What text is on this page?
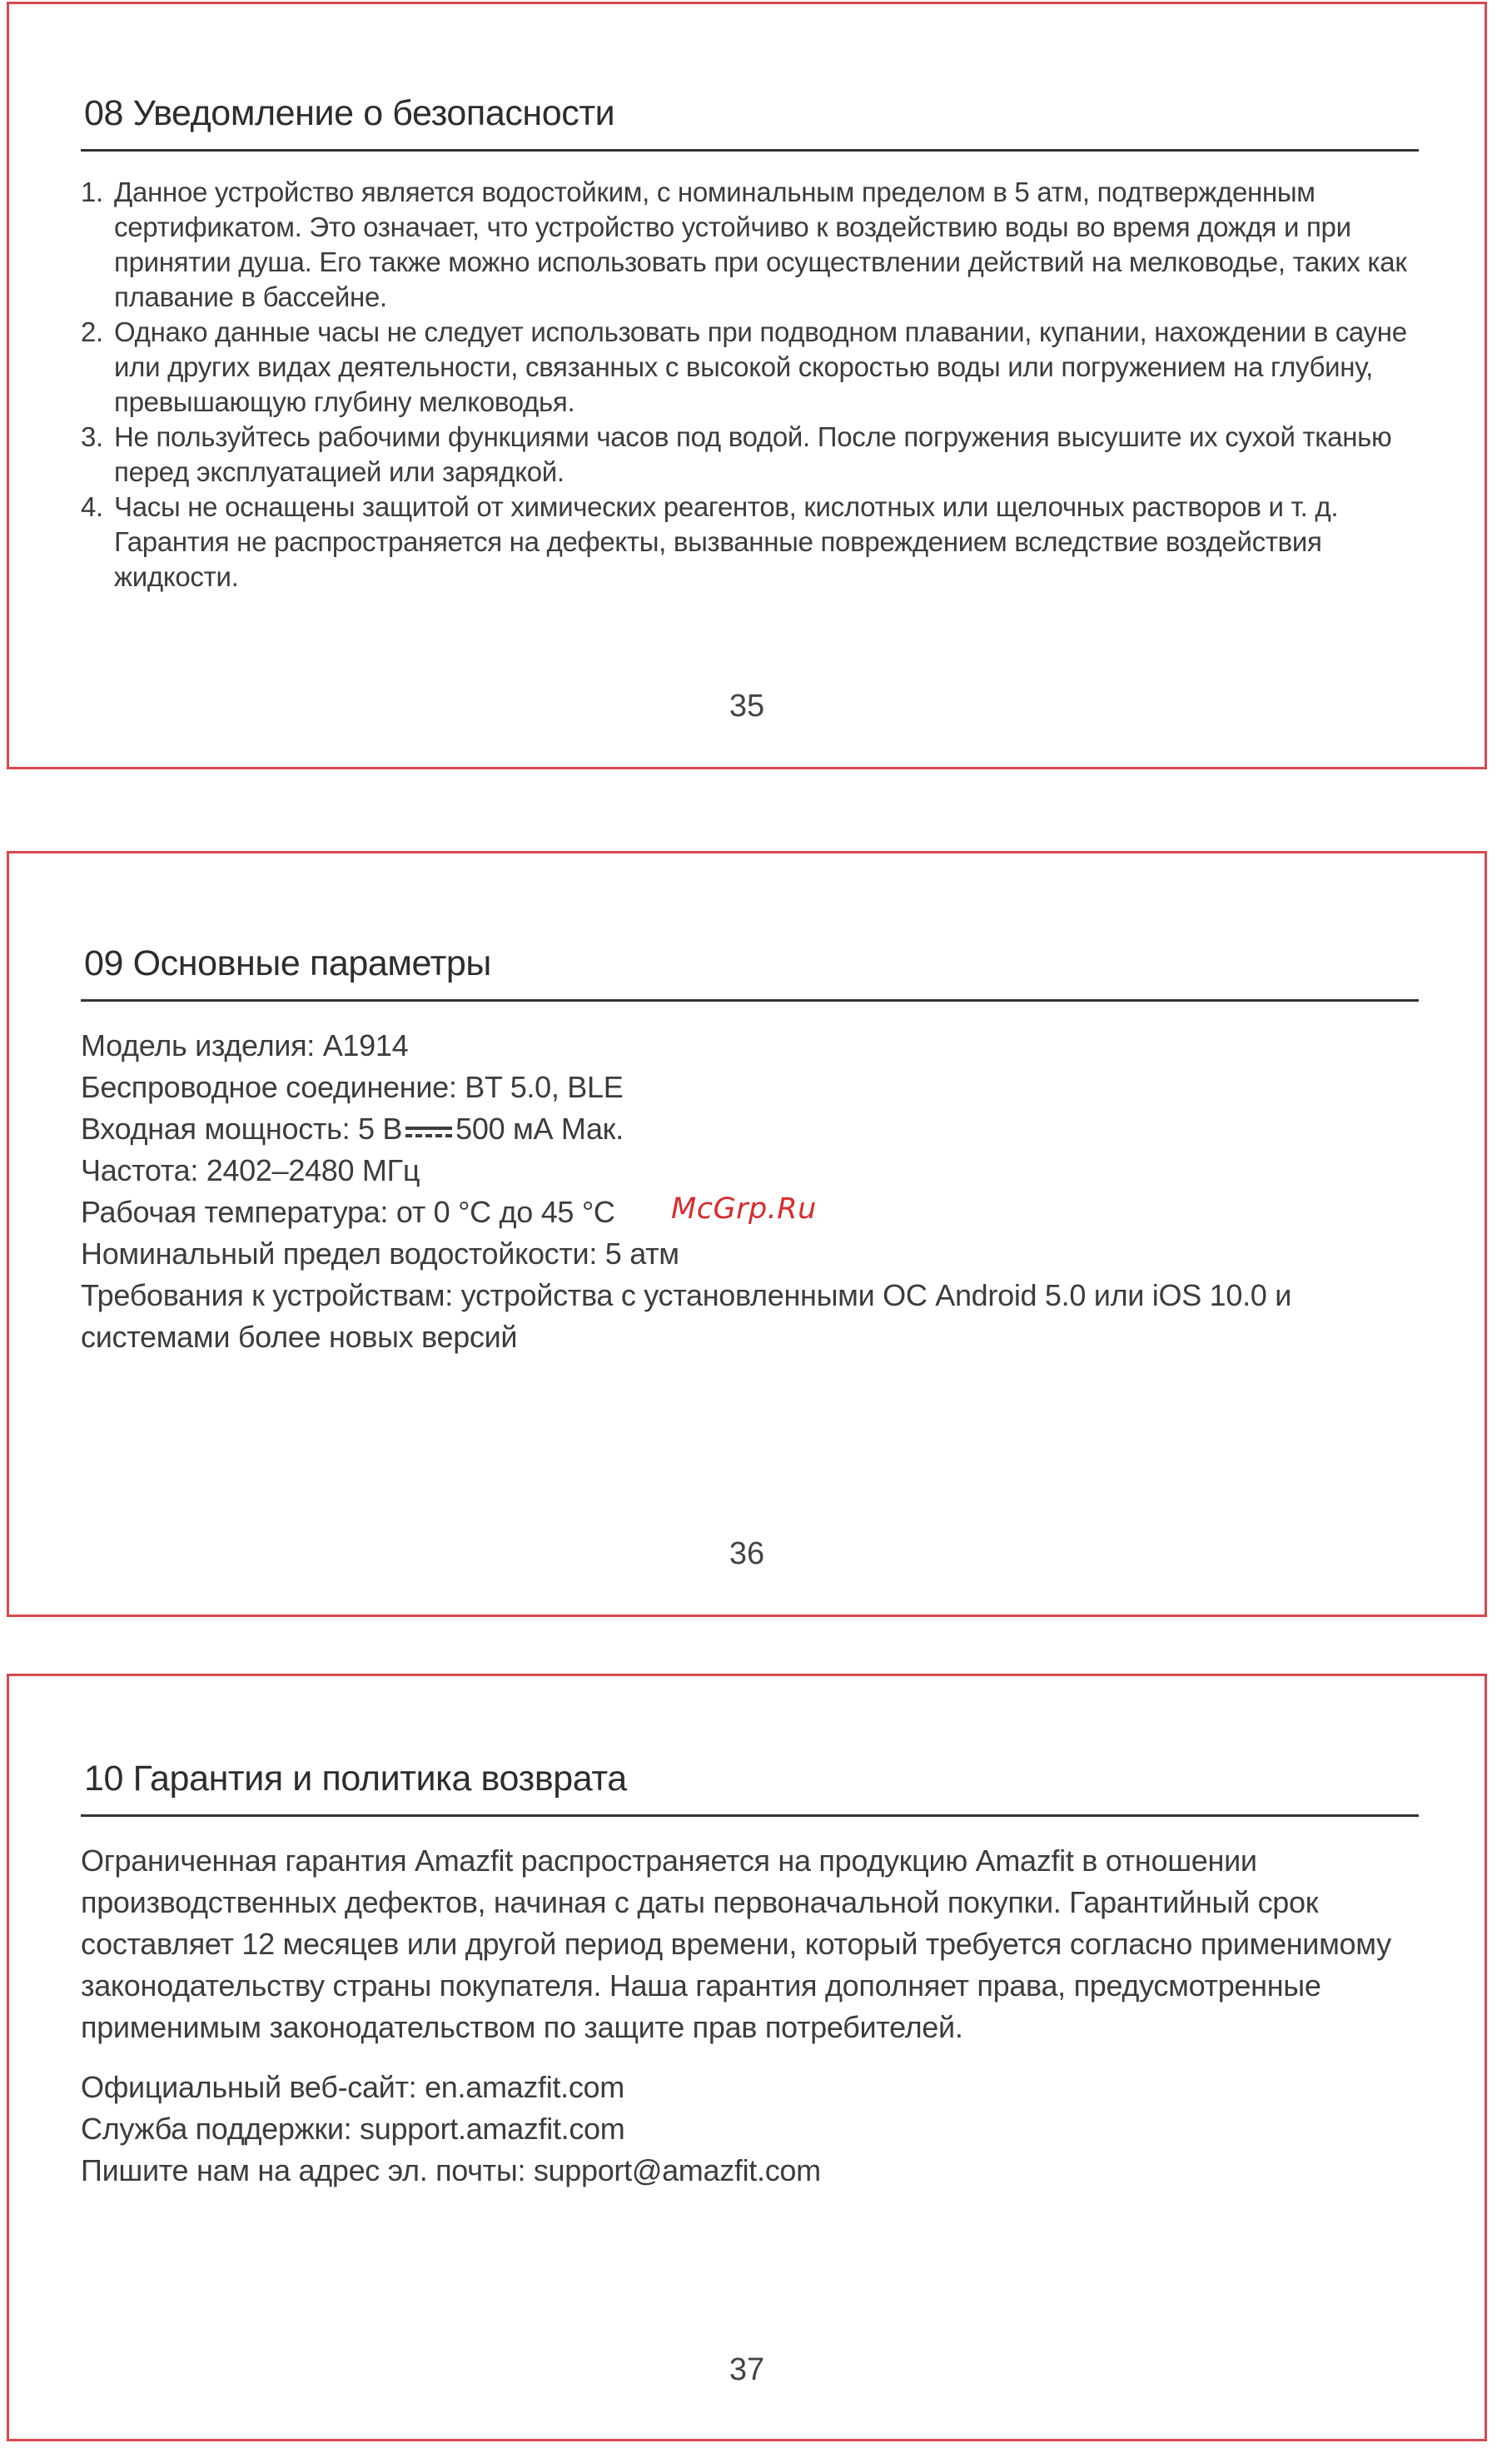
08 Уведомление о безопасности
1. Данное устройство является водостойким, с номинальным пределом в 5 атм, подтвержденным сертификатом. Это означает, что устройство устойчиво к воздействию воды во время дождя и при принятии душа. Его также можно использовать при осуществлении действий на мелководье, таких как плавание в бассейне.
2. Однако данные часы не следует использовать при подводном плавании, купании, нахождении в сауне или других видах деятельности, связанных с высокой скоростью воды или погружением на глубину, превышающую глубину мелководья.
3. Не пользуйтесь рабочими функциями часов под водой. После погружения высушите их сухой тканью перед эксплуатацией или зарядкой.
4. Часы не оснащены защитой от химических реагентов, кислотных или щелочных растворов и т. д. Гарантия не распространяется на дефекты, вызванные повреждением вследствие воздействия жидкости.
35
09 Основные параметры
Модель изделия: A1914
Беспроводное соединение: BT 5.0, BLE
Входная мощность: 5 В 500 мА Мак.
Частота: 2402–2480 МГц
Рабочая температура: от 0 °C до 45 °C
Номинальный предел водостойкости: 5 атм
Требования к устройствам: устройства с установленными ОС Android 5.0 или iOS 10.0 и системами более новых версий
36
10 Гарантия и политика возврата

Ограниченная гарантия Amazfit распространяется на продукцию Amazfit в отношении производственных дефектов, начиная с даты первоначальной покупки. Гарантийный срок составляет 12 месяцев или другой период времени, который требуется согласно применимому законодательству страны покупателя. Наша гарантия дополняет права, предусмотренные применимым законодательством по защите прав потребителей.

Официальный веб-сайт: en.amazfit.com
Служба поддержки: support.amazfit.com
Пишите нам на адрес эл. почты: support@amazfit.com
37
McGrp.Ru
